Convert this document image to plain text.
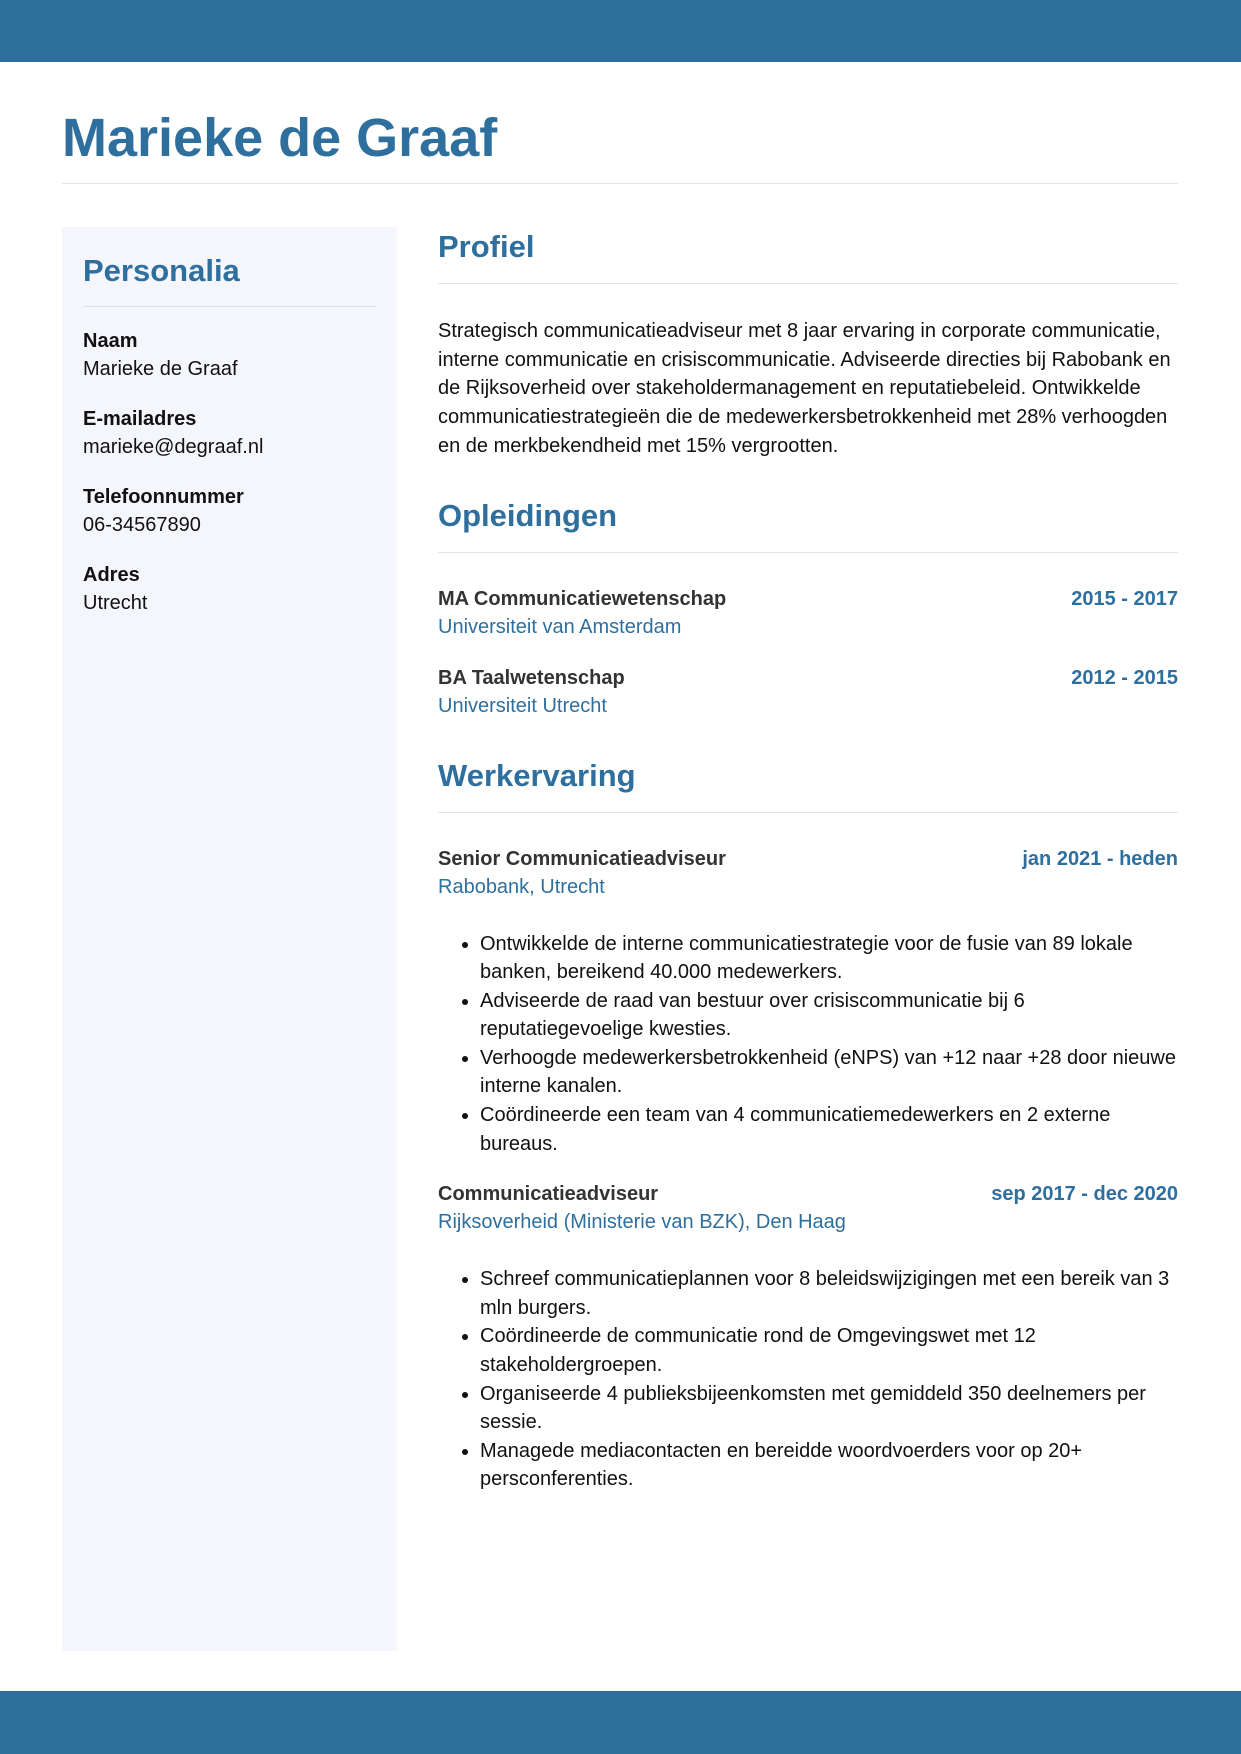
Marieke de Graaf
Personalia
Naam
Marieke de Graaf
E-mailadres
marieke@degraaf.nl
Telefoonnummer
06-34567890
Adres
Utrecht
Profiel

Strategisch communicatieadviseur met 8 jaar ervaring in corporate communicatie, interne communicatie en crisiscommunicatie. Adviseerde directies bij Rabobank en de Rijksoverheid over stakeholdermanagement en reputatiebeleid. Ontwikkelde communicatiestrategieën die de medewerkersbetrokkenheid met 28% verhoogden en de merkbekendheid met 15% vergrootten.

Opleidingen
MA Communicatiewetenschap	2015 - 2017
Universiteit van Amsterdam
BA Taalwetenschap	2012 - 2015
Universiteit Utrecht
Werkervaring
Senior Communicatieadviseur	jan 2021 - heden
Rabobank, Utrecht
• Ontwikkelde de interne communicatiestrategie voor de fusie van 89 lokale banken, bereikend 40.000 medewerkers.
• Adviseerde de raad van bestuur over crisiscommunicatie bij 6 reputatiegevoelige kwesties.
• Verhoogde medewerkersbetrokkenheid (eNPS) van +12 naar +28 door nieuwe interne kanalen.
• Coördineerde een team van 4 communicatiemedewerkers en 2 externe bureaus.
Communicatieadviseur	sep 2017 - dec 2020
Rijksoverheid (Ministerie van BZK), Den Haag
• Schreef communicatieplannen voor 8 beleidswijzigingen met een bereik van 3 mln burgers.
• Coördineerde de communicatie rond de Omgevingswet met 12 stakeholdergroepen.
• Organiseerde 4 publieksbijeenkomsten met gemiddeld 350 deelnemers per sessie.
• Managede mediacontacten en bereidde woordvoerders voor op 20+ persconferenties.
